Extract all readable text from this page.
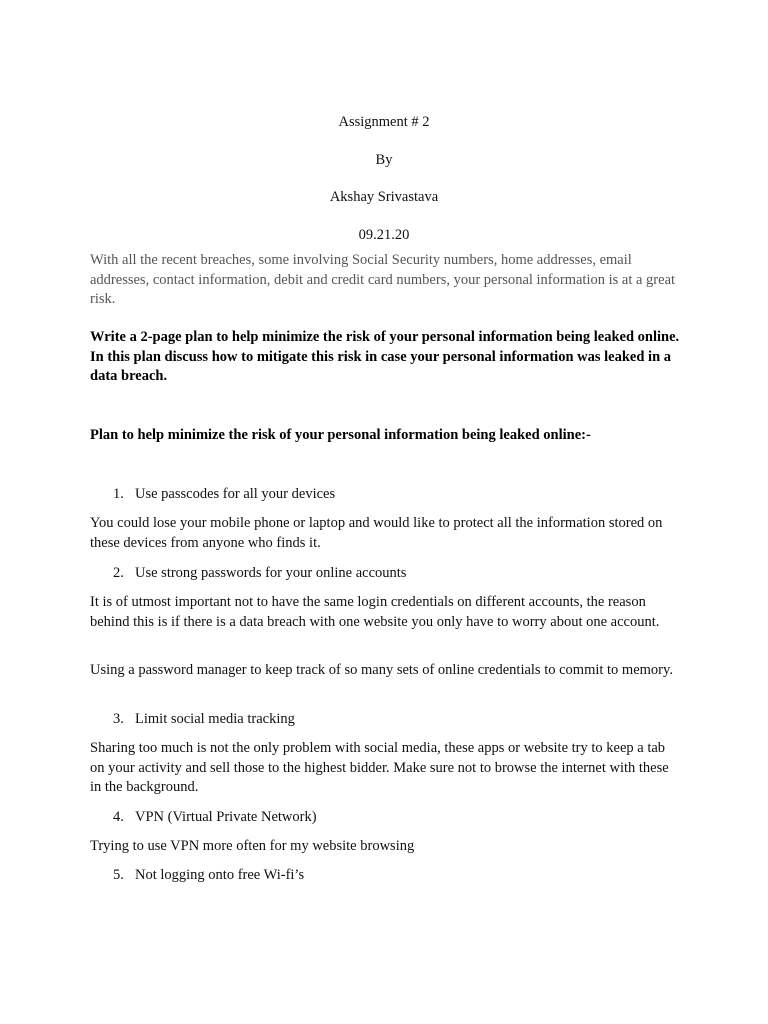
Assignment # 2
By
Akshay Srivastava
09.21.20
With all the recent breaches, some involving Social Security numbers, home addresses, email addresses, contact information, debit and credit card numbers, your personal information is at a great risk.
Write a 2-page plan to help minimize the risk of your personal information being leaked online. In this plan discuss how to mitigate this risk in case your personal information was leaked in a data breach.
Plan to help minimize the risk of your personal information being leaked online:-
1. Use passcodes for all your devices
You could lose your mobile phone or laptop and would like to protect all the information stored on these devices from anyone who finds it.
2. Use strong passwords for your online accounts
It is of utmost important not to have the same login credentials on different accounts, the reason behind this is if there is a data breach with one website you only have to worry about one account.
Using a password manager to keep track of so many sets of online credentials to commit to memory.
3. Limit social media tracking
Sharing too much is not the only problem with social media, these apps or website try to keep a tab on your activity and sell those to the highest bidder. Make sure not to browse the internet with these in the background.
4. VPN (Virtual Private Network)
Trying to use VPN more often for my website browsing
5. Not logging onto free Wi-fi’s
